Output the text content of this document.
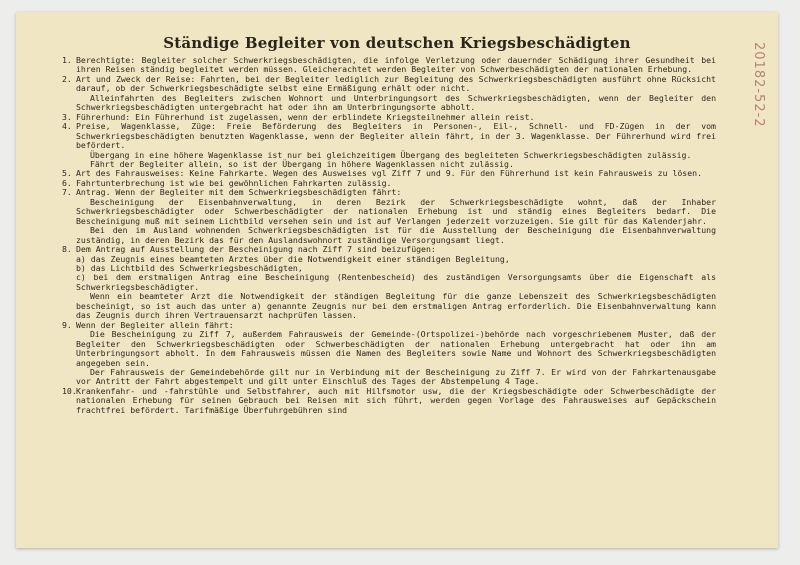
Ständige Begleiter von deutschen Kriegsbeschädigten	20182-52-2
1. Berechtigte: Begleiter solcher Schwerkriegsbeschädigten, die infolge Verletzung oder dauernder Schädigung ihrer Gesundheit bei ihren Reisen ständig begleitet werden müssen. Gleicherachtet werden Begleiter von Schwerbeschädigten der nationalen Erhebung.
2. Art und Zweck der Reise: Fahrten, bei der Begleiter lediglich zur Begleitung des Schwerkriegsbeschädigten ausführt ohne Rücksicht darauf, ob der Schwerkriegsbeschädigte selbst eine Ermäßigung erhält oder nicht.
Alleinfahrten des Begleiters zwischen Wohnort und Unterbringungsort des Schwerkriegsbeschädigten, wenn der Begleiter den Schwerkriegsbeschädigten untergebracht hat oder ihn am Unterbringungsorte abholt.
3. Führerhund: Ein Führerhund ist zugelassen, wenn der erblindete Kriegsteilnehmer allein reist.
4. Preise, Wagenklasse, Züge: Freie Beförderung des Begleiters in Personen-, Eil-, Schnell- und FD-Zügen in der vom Schwerkriegsbeschädigten benutzten Wagenklasse, wenn der Begleiter allein fährt, in der 3. Wagenklasse. Der Führerhund wird frei befördert.
Übergang in eine höhere Wagenklasse ist nur bei gleichzeitigem Übergang des begleiteten Schwerkriegsbeschädigten zulässig.
Fährt der Begleiter allein, so ist der Übergang in höhere Wagenklassen nicht zulässig.
5. Art des Fahrausweises: Keine Fahrkarte. Wegen des Ausweises vgl Ziff 7 und 9. Für den Führerhund ist kein Fahrausweis zu lösen.
6. Fahrtunterbrechung ist wie bei gewöhnlichen Fahrkarten zulässig.
7. Antrag. Wenn der Begleiter mit dem Schwerkriegsbeschädigten fährt:
Bescheinigung der Eisenbahnverwaltung, in deren Bezirk der Schwerkriegsbeschädigte wohnt, daß der Inhaber Schwerkriegsbeschädigter oder Schwerbeschädigter der nationalen Erhebung ist und ständig eines Begleiters bedarf. Die Bescheinigung muß mit seinem Lichtbild versehen sein und ist auf Verlangen jederzeit vorzuzeigen. Sie gilt für das Kalenderjahr.
Bei den im Ausland wohnenden Schwerkriegsbeschädigten ist für die Ausstellung der Bescheinigung die Eisenbahnverwaltung zuständig, in deren Bezirk das für den Auslandswohnort zuständige Versorgungsamt liegt.
8. Dem Antrag auf Ausstellung der Bescheinigung nach Ziff 7 sind beizufügen:
a) das Zeugnis eines beamteten Arztes über die Notwendigkeit einer ständigen Begleitung,
b) das Lichtbild des Schwerkriegsbeschädigten,
c) bei dem erstmaligen Antrag eine Bescheinigung (Rentenbescheid) des zuständigen Versorgungsamts über die Eigenschaft als Schwerkriegsbeschädigter.
Wenn ein beamteter Arzt die Notwendigkeit der ständigen Begleitung für die ganze Lebenszeit des Schwerkriegsbeschädigten bescheinigt, so ist auch das unter a) genannte Zeugnis nur bei dem erstmaligen Antrag erforderlich. Die Eisenbahnverwaltung kann das Zeugnis durch ihren Vertrauensarzt nachprüfen lassen.
9. Wenn der Begleiter allein fährt:
Die Bescheinigung zu Ziff 7, außerdem Fahrausweis der Gemeinde-(Ortspolizei-)behörde nach vorgeschriebenem Muster, daß der Begleiter den Schwerkriegsbeschädigten oder Schwerbeschädigten der nationalen Erhebung untergebracht hat oder ihn am Unterbringungsort abholt. In dem Fahrausweis müssen die Namen des Begleiters sowie Name und Wohnort des Schwerkriegsbeschädigten angegeben sein.
Der Fahrausweis der Gemeindebehörde gilt nur in Verbindung mit der Bescheinigung zu Ziff 7. Er wird von der Fahrkartenausgabe vor Antritt der Fahrt abgestempelt und gilt unter Einschluß des Tages der Abstempelung 4 Tage.
10. Krankenfahr- und -fahrstühle und Selbstfahrer, auch mit Hilfsmotor usw, die der Kriegsbeschädigte oder Schwerbeschädigte der nationalen Erhebung für seinen Gebrauch bei Reisen mit sich führt, werden gegen Vorlage des Fahrausweises auf Gepäckschein frachtfrei befördert. Tarifmäßige Überfuhrgebühren sind
